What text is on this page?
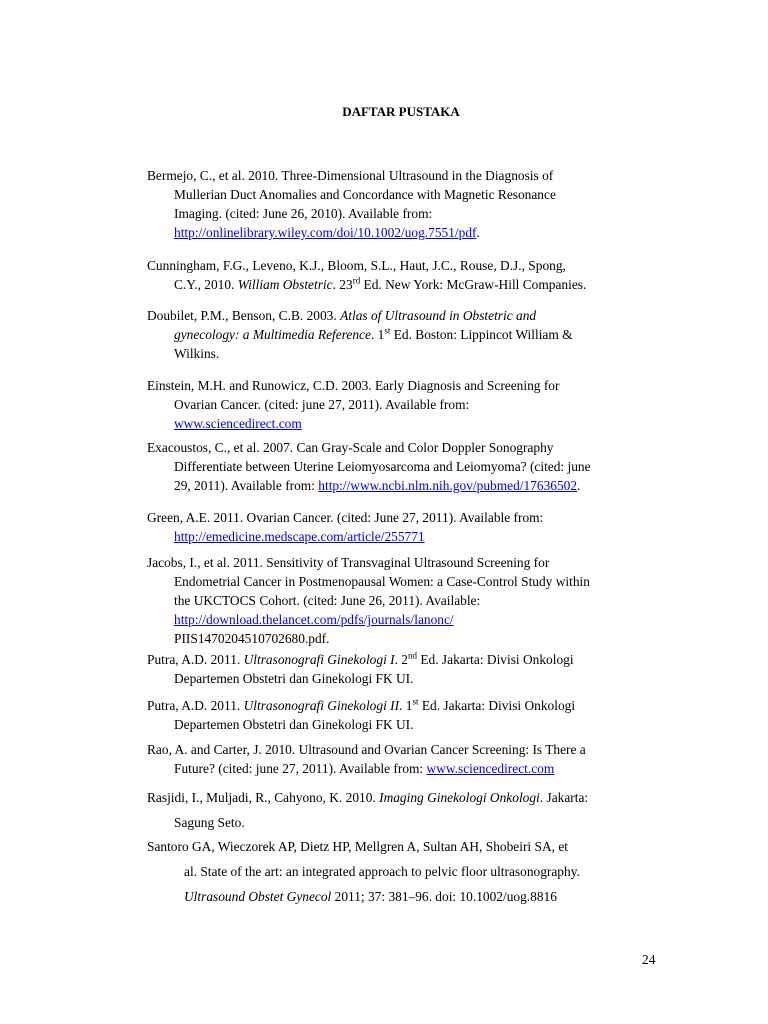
DAFTAR PUSTAKA
Bermejo, C., et al. 2010. Three-Dimensional Ultrasound in the Diagnosis of
Mullerian Duct Anomalies and Concordance with Magnetic Resonance
Imaging. (cited: June 26, 2010). Available from:
http://onlinelibrary.wiley.com/doi/10.1002/uog.7551/pdf.
Cunningham, F.G., Leveno, K.J., Bloom, S.L., Haut, J.C., Rouse, D.J., Spong,
C.Y., 2010. William Obstetric. 23rd Ed. New York: McGraw-Hill Companies.
Doubilet, P.M., Benson, C.B. 2003. Atlas of Ultrasound in Obstetric and
gynecology: a Multimedia Reference. 1st Ed. Boston: Lippincot William &
Wilkins.
Einstein, M.H. and Runowicz, C.D. 2003. Early Diagnosis and Screening for
Ovarian Cancer. (cited: june 27, 2011). Available from:
www.sciencedirect.com
Exacoustos, C., et al. 2007. Can Gray-Scale and Color Doppler Sonography
Differentiate between Uterine Leiomyosarcoma and Leiomyoma? (cited: june
29, 2011). Available from: http://www.ncbi.nlm.nih.gov/pubmed/17636502.
Green, A.E. 2011. Ovarian Cancer. (cited: June 27, 2011). Available from:
http://emedicine.medscape.com/article/255771
Jacobs, I., et al. 2011. Sensitivity of Transvaginal Ultrasound Screening for
Endometrial Cancer in Postmenopausal Women: a Case-Control Study within
the UKCTOCS Cohort. (cited: June 26, 2011). Available:
http://download.thelancet.com/pdfs/journals/lanonc/
PIIS1470204510702680.pdf.
Putra, A.D. 2011. Ultrasonografi Ginekologi I. 2nd Ed. Jakarta: Divisi Onkologi
Departemen Obstetri dan Ginekologi FK UI.
Putra, A.D. 2011. Ultrasonografi Ginekologi II. 1st Ed. Jakarta: Divisi Onkologi
Departemen Obstetri dan Ginekologi FK UI.
Rao, A. and Carter, J. 2010. Ultrasound and Ovarian Cancer Screening: Is There a
Future? (cited: june 27, 2011). Available from: www.sciencedirect.com
Rasjidi, I., Muljadi, R., Cahyono, K. 2010. Imaging Ginekologi Onkologi. Jakarta:
Sagung Seto.
Santoro GA, Wieczorek AP, Dietz HP, Mellgren A, Sultan AH, Shobeiri SA, et
al. State of the art: an integrated approach to pelvic floor ultrasonography.
Ultrasound Obstet Gynecol 2011; 37: 381–96. doi: 10.1002/uog.8816
24
